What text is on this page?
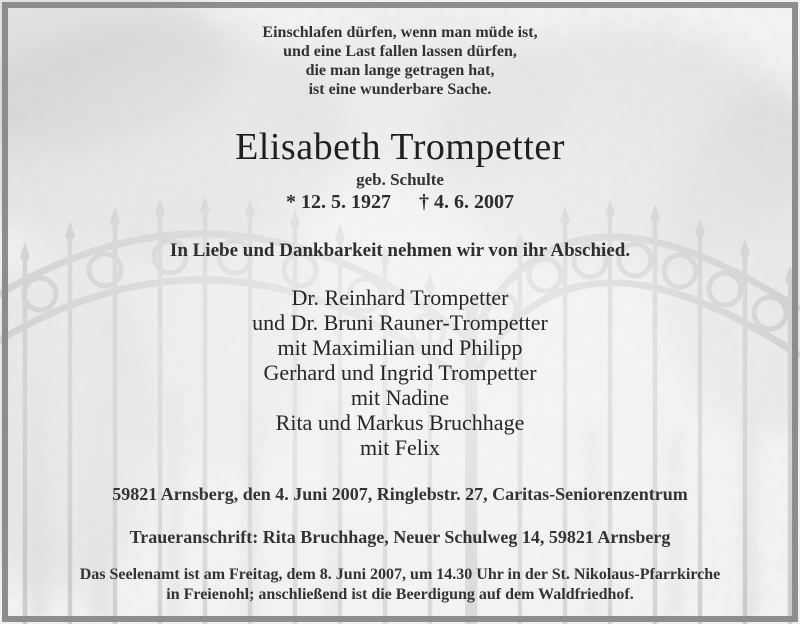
Einschlafen dürfen, wenn man müde ist,
und eine Last fallen lassen dürfen,
die man lange getragen hat,
ist eine wunderbare Sache.
Elisabeth Trompetter
geb. Schulte
* 12. 5. 1927 † 4. 6. 2007
In Liebe und Dankbarkeit nehmen wir von ihr Abschied.
Dr. Reinhard Trompetter
und Dr. Bruni Rauner-Trompetter
mit Maximilian und Philipp
Gerhard und Ingrid Trompetter
mit Nadine
Rita und Markus Bruchhage
mit Felix
59821 Arnsberg, den 4. Juni 2007, Ringlebstr. 27, Caritas-Seniorenzentrum
Traueranschrift: Rita Bruchhage, Neuer Schulweg 14, 59821 Arnsberg
Das Seelenamt ist am Freitag, dem 8. Juni 2007, um 14.30 Uhr in der St. Nikolaus-Pfarrkirche
in Freienohl; anschließend ist die Beerdigung auf dem Waldfriedhof.
